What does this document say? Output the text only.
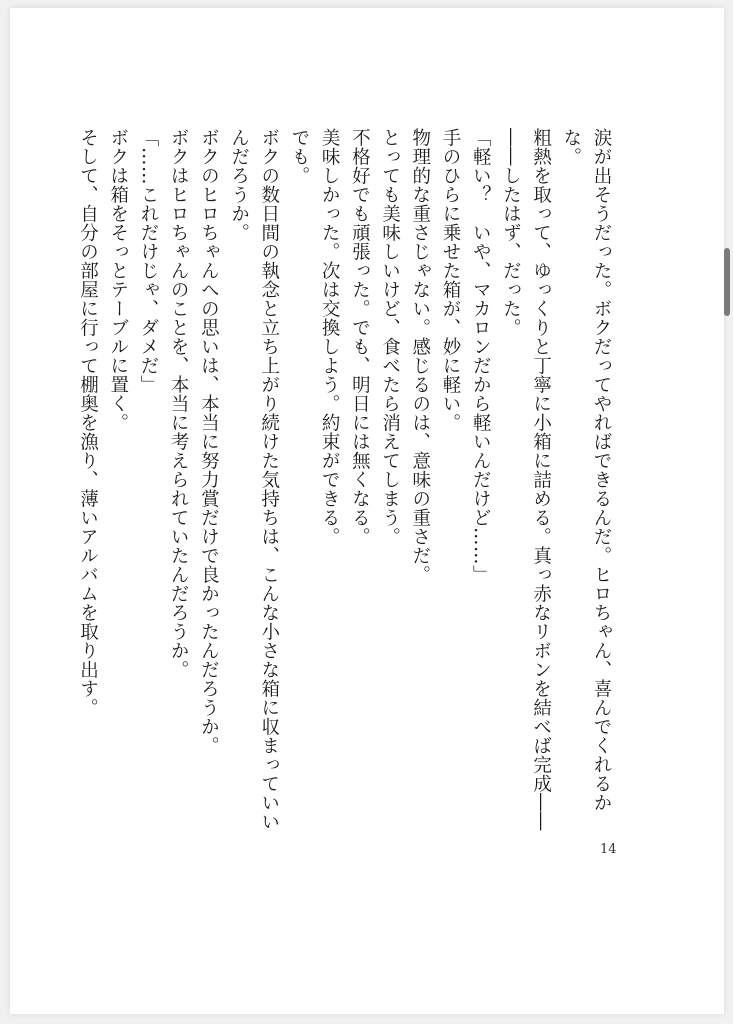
涙が出そうだった。ボクだってやればできるんだ。ヒロちゃん、喜んでくれるかな。

粗熱を取って、ゆっくりと丁寧に小箱に詰める。真っ赤なリボンを結べば完成――

――したはず、だった。

「軽い？　いや、マカロンだから軽いんだけど……」

手のひらに乗せた箱が、妙に軽い。

物理的な重さじゃない。感じるのは、意味の重さだ。

とっても美味しいけど、食べたら消えてしまう。

不格好でも頑張った。でも、明日には無くなる。

美味しかった。次は交換しよう。約束ができる。

でも。

ボクの数日間の執念と立ち上がり続けた気持ちは、こんな小さな箱に収まっていいんだろうか。

ボクのヒロちゃんへの思いは、本当に努力賞だけで良かったんだろうか。

ボクはヒロちゃんのことを、本当に考えられていたんだろうか。

「……これだけじゃ、ダメだ」

ボクは箱をそっとテーブルに置く。

そして、自分の部屋に行って棚奥を漁り、薄いアルバムを取り出す。

14
